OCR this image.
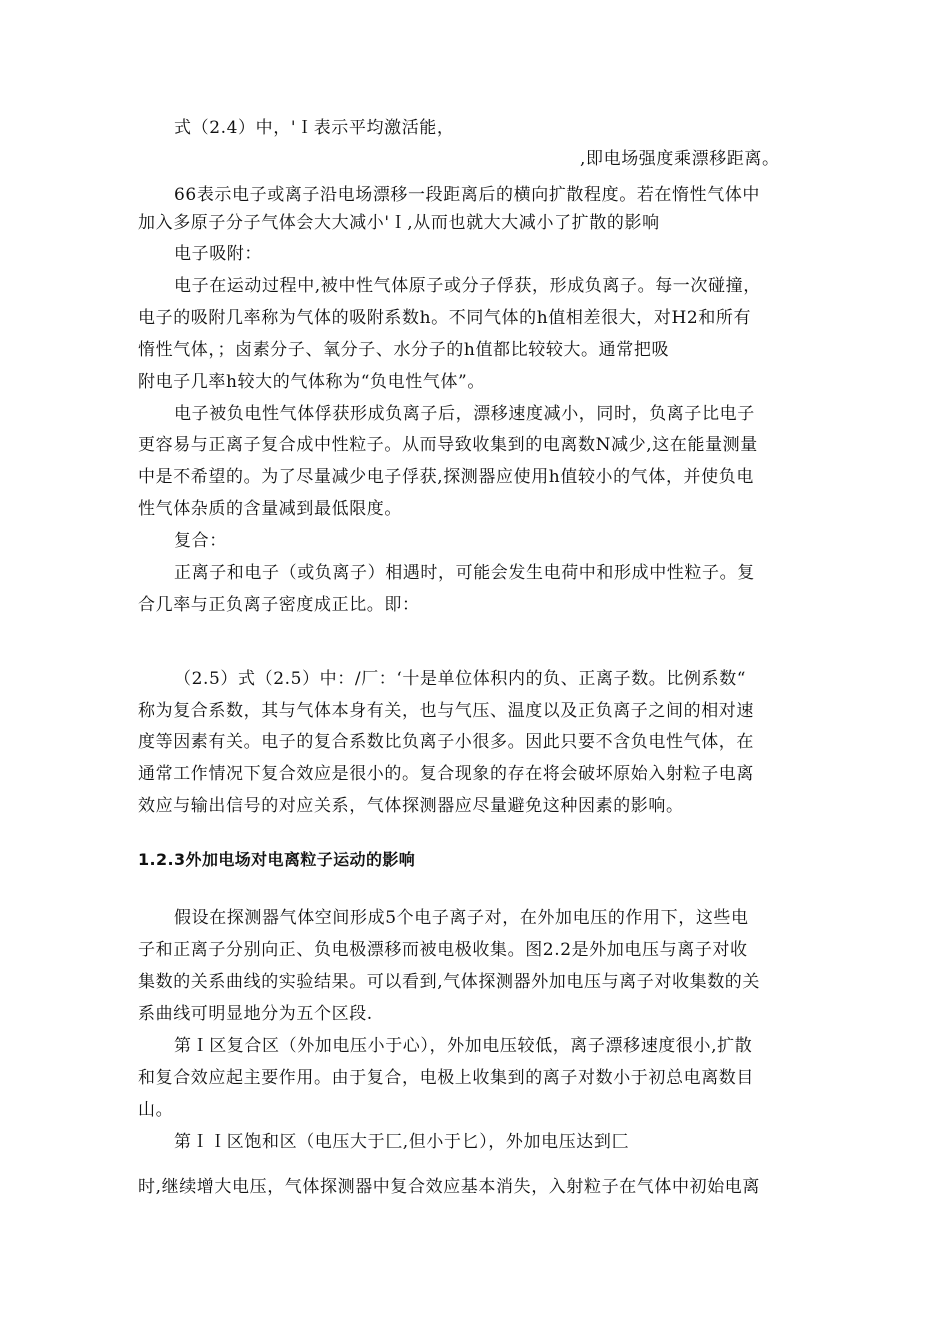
式（2.4）中，'Ｉ表示平均激活能，
,即电场强度乘漂移距离。
66表示电子或离子沿电场漂移一段距离后的横向扩散程度。若在惰性气体中
加入多原子分子气体会大大减小'Ｉ,从而也就大大减小了扩散的影响
电子吸附：
电子在运动过程中,被中性气体原子或分子俘获，形成负离子。每一次碰撞，
电子的吸附几率称为气体的吸附系数h。不同气体的h值相差很大，对H2和所有
惰性气体，；卤素分子、氧分子、水分子的h值都比较较大。通常把吸
附电子几率h较大的气体称为“负电性气体”。
电子被负电性气体俘获形成负离子后，漂移速度减小，同时，负离子比电子
更容易与正离子复合成中性粒子。从而导致收集到的电离数N减少,这在能量测量
中是不希望的。为了尽量减少电子俘获,探测器应使用h值较小的气体，并使负电
性气体杂质的含量减到最低限度。
复合：
正离子和电子（或负离子）相遇时，可能会发生电荷中和形成中性粒子。复
合几率与正负离子密度成正比。即：
（2.5）式（2.5）中：/厂：‘十是单位体积内的负、正离子数。比例系数“
称为复合系数，其与气体本身有关，也与气压、温度以及正负离子之间的相对速
度等因素有关。电子的复合系数比负离子小很多。因此只要不含负电性气体，在
通常工作情况下复合效应是很小的。复合现象的存在将会破坏原始入射粒子电离
效应与输出信号的对应关系，气体探测器应尽量避免这种因素的影响。
1.2.3外加电场对电离粒子运动的影响
假设在探测器气体空间形成5个电子离子对，在外加电压的作用下，这些电
子和正离子分别向正、负电极漂移而被电极收集。图2.2是外加电压与离子对收
集数的关系曲线的实验结果。可以看到,气体探测器外加电压与离子对收集数的关
系曲线可明显地分为五个区段.
第Ｉ区复合区（外加电压小于心），外加电压较低，离子漂移速度很小,扩散
和复合效应起主要作用。由于复合，电极上收集到的离子对数小于初总电离数目
山。
第ＩＩ区饱和区（电压大于匚,但小于匕），外加电压达到匚
时,继续增大电压，气体探测器中复合效应基本消失，入射粒子在气体中初始电离
